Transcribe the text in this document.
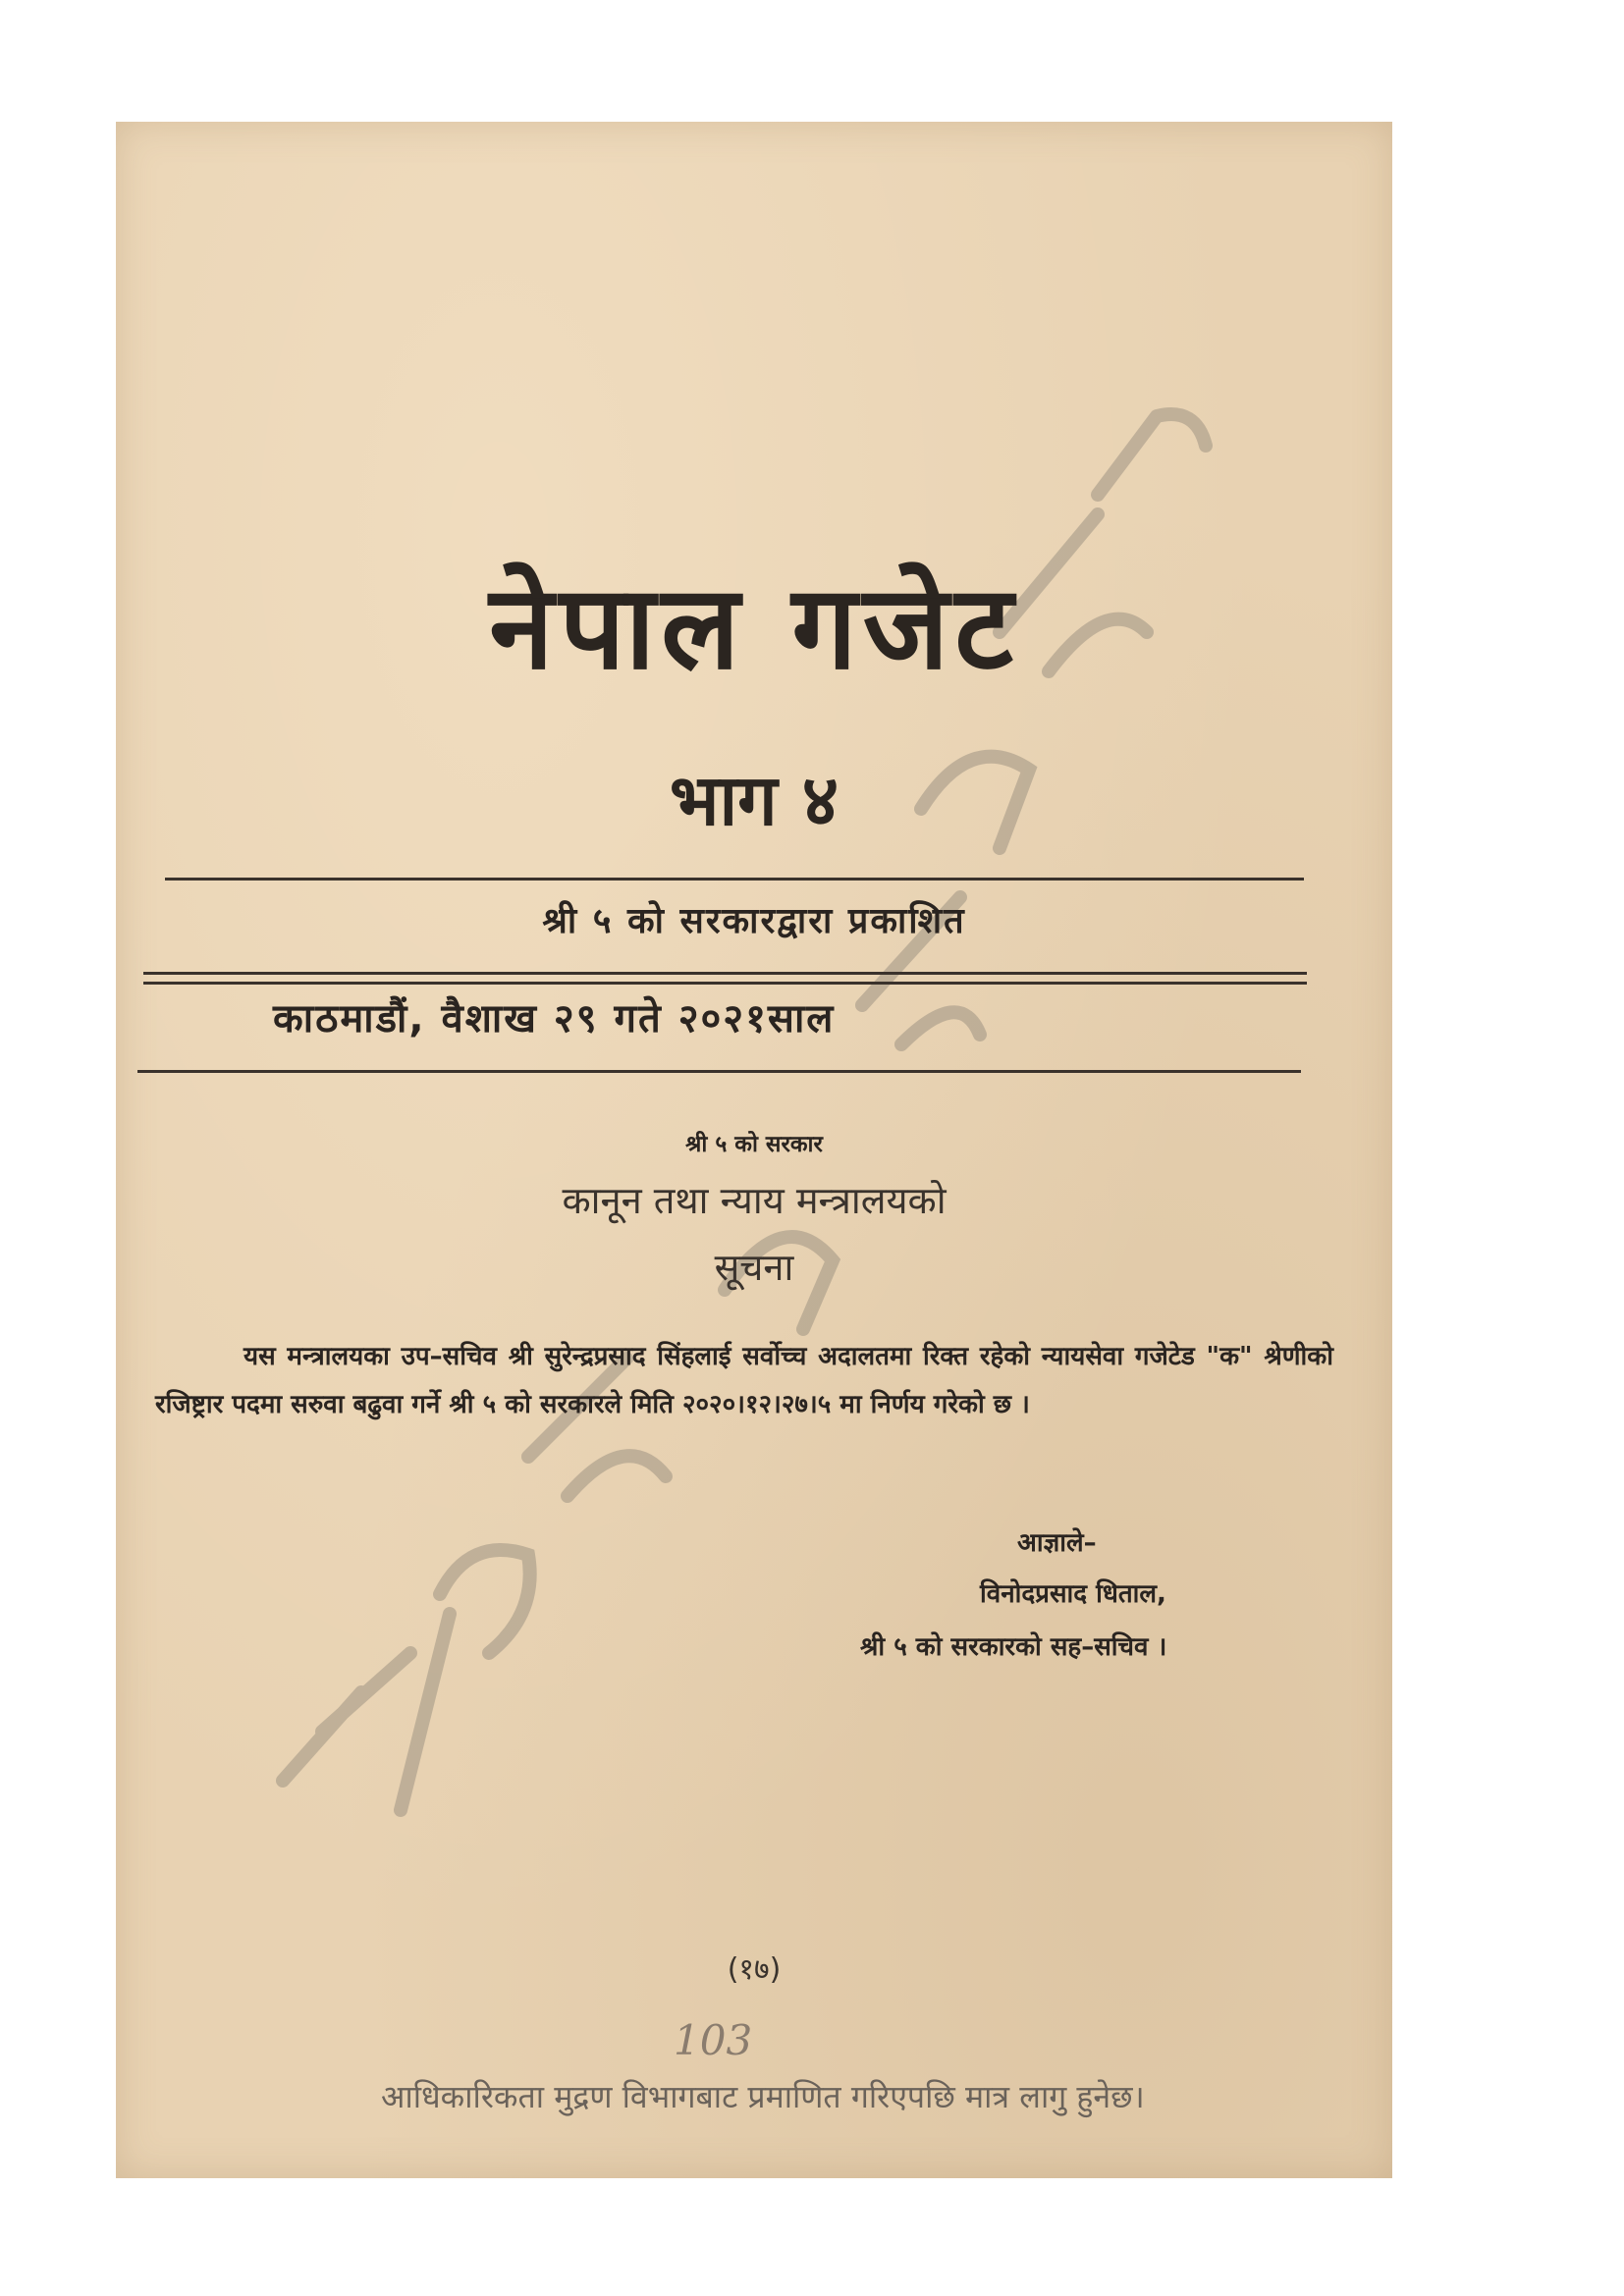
नेपाल गजेट
भाग ४
श्री ५ को सरकारद्वारा प्रकाशित
काठमाडौं, वैशाख २९ गते २०२१साल
श्री ५ को सरकार
कानून तथा न्याय मन्त्रालयको
सूचना
यस मन्त्रालयका उप–सचिव श्री सुरेन्द्रप्रसाद सिंहलाई सर्वोच्च अदालतमा रिक्त रहेको न्यायसेवा गजेटेड "क" श्रेणीको रजिष्ट्रार पदमा सरुवा बढुवा गर्ने श्री ५ को सरकारले मिति २०२०।१२।२७।५ मा निर्णय गरेको छ ।
आज्ञाले–
विनोदप्रसाद धिताल,
श्री ५ को सरकारको सह–सचिव ।
(१७)
103
आधिकारिकता मुद्रण विभागबाट प्रमाणित गरिएपछि मात्र लागु हुनेछ।
